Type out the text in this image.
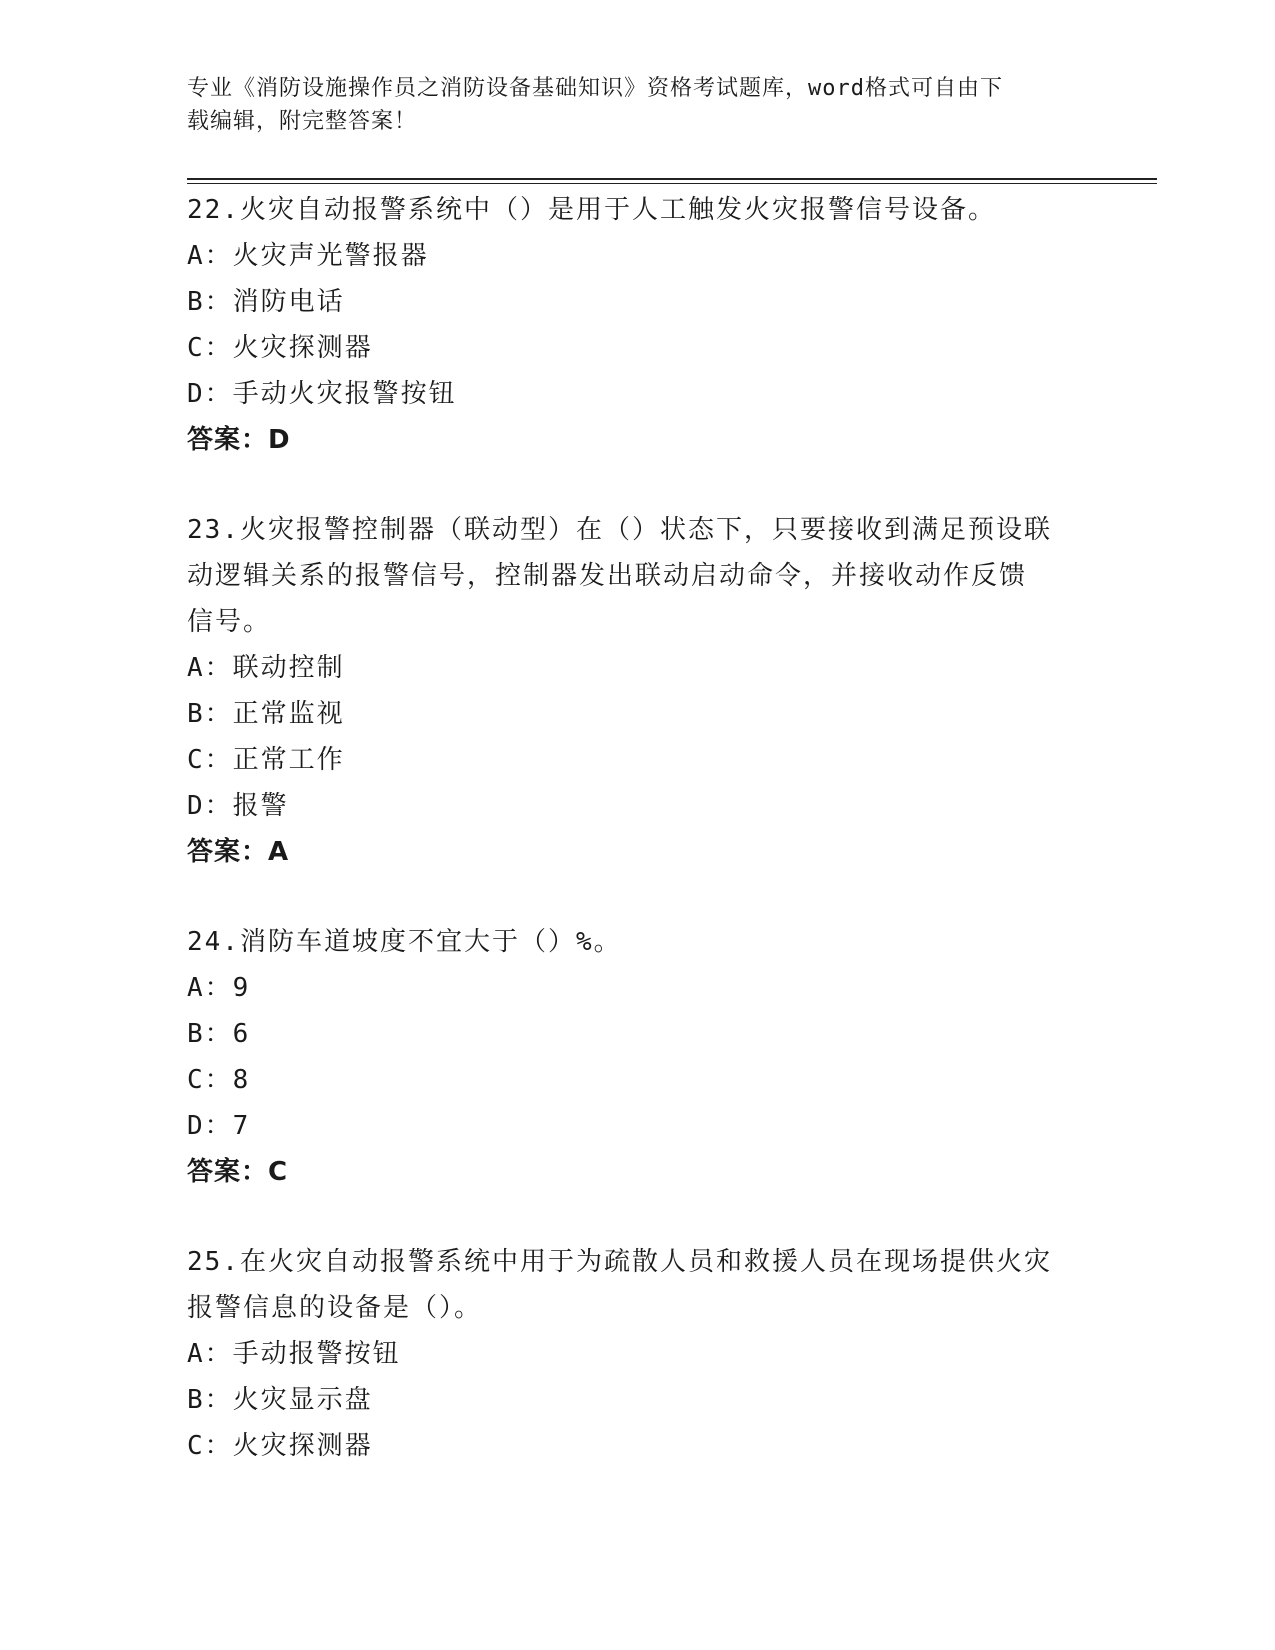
专业《消防设施操作员之消防设备基础知识》资格考试题库，word格式可自由下
载编辑，附完整答案！
22.火灾自动报警系统中（）是用于人工触发火灾报警信号设备。
A：火灾声光警报器
B：消防电话
C：火灾探测器
D：手动火灾报警按钮
答案：D
23.火灾报警控制器（联动型）在（）状态下，只要接收到满足预设联
动逻辑关系的报警信号，控制器发出联动启动命令，并接收动作反馈
信号。
A：联动控制
B：正常监视
C：正常工作
D：报警
答案：A
24.消防车道坡度不宜大于（）%。
A：9
B：6
C：8
D：7
答案：C
25.在火灾自动报警系统中用于为疏散人员和救援人员在现场提供火灾
报警信息的设备是（）。
A：手动报警按钮
B：火灾显示盘
C：火灾探测器
